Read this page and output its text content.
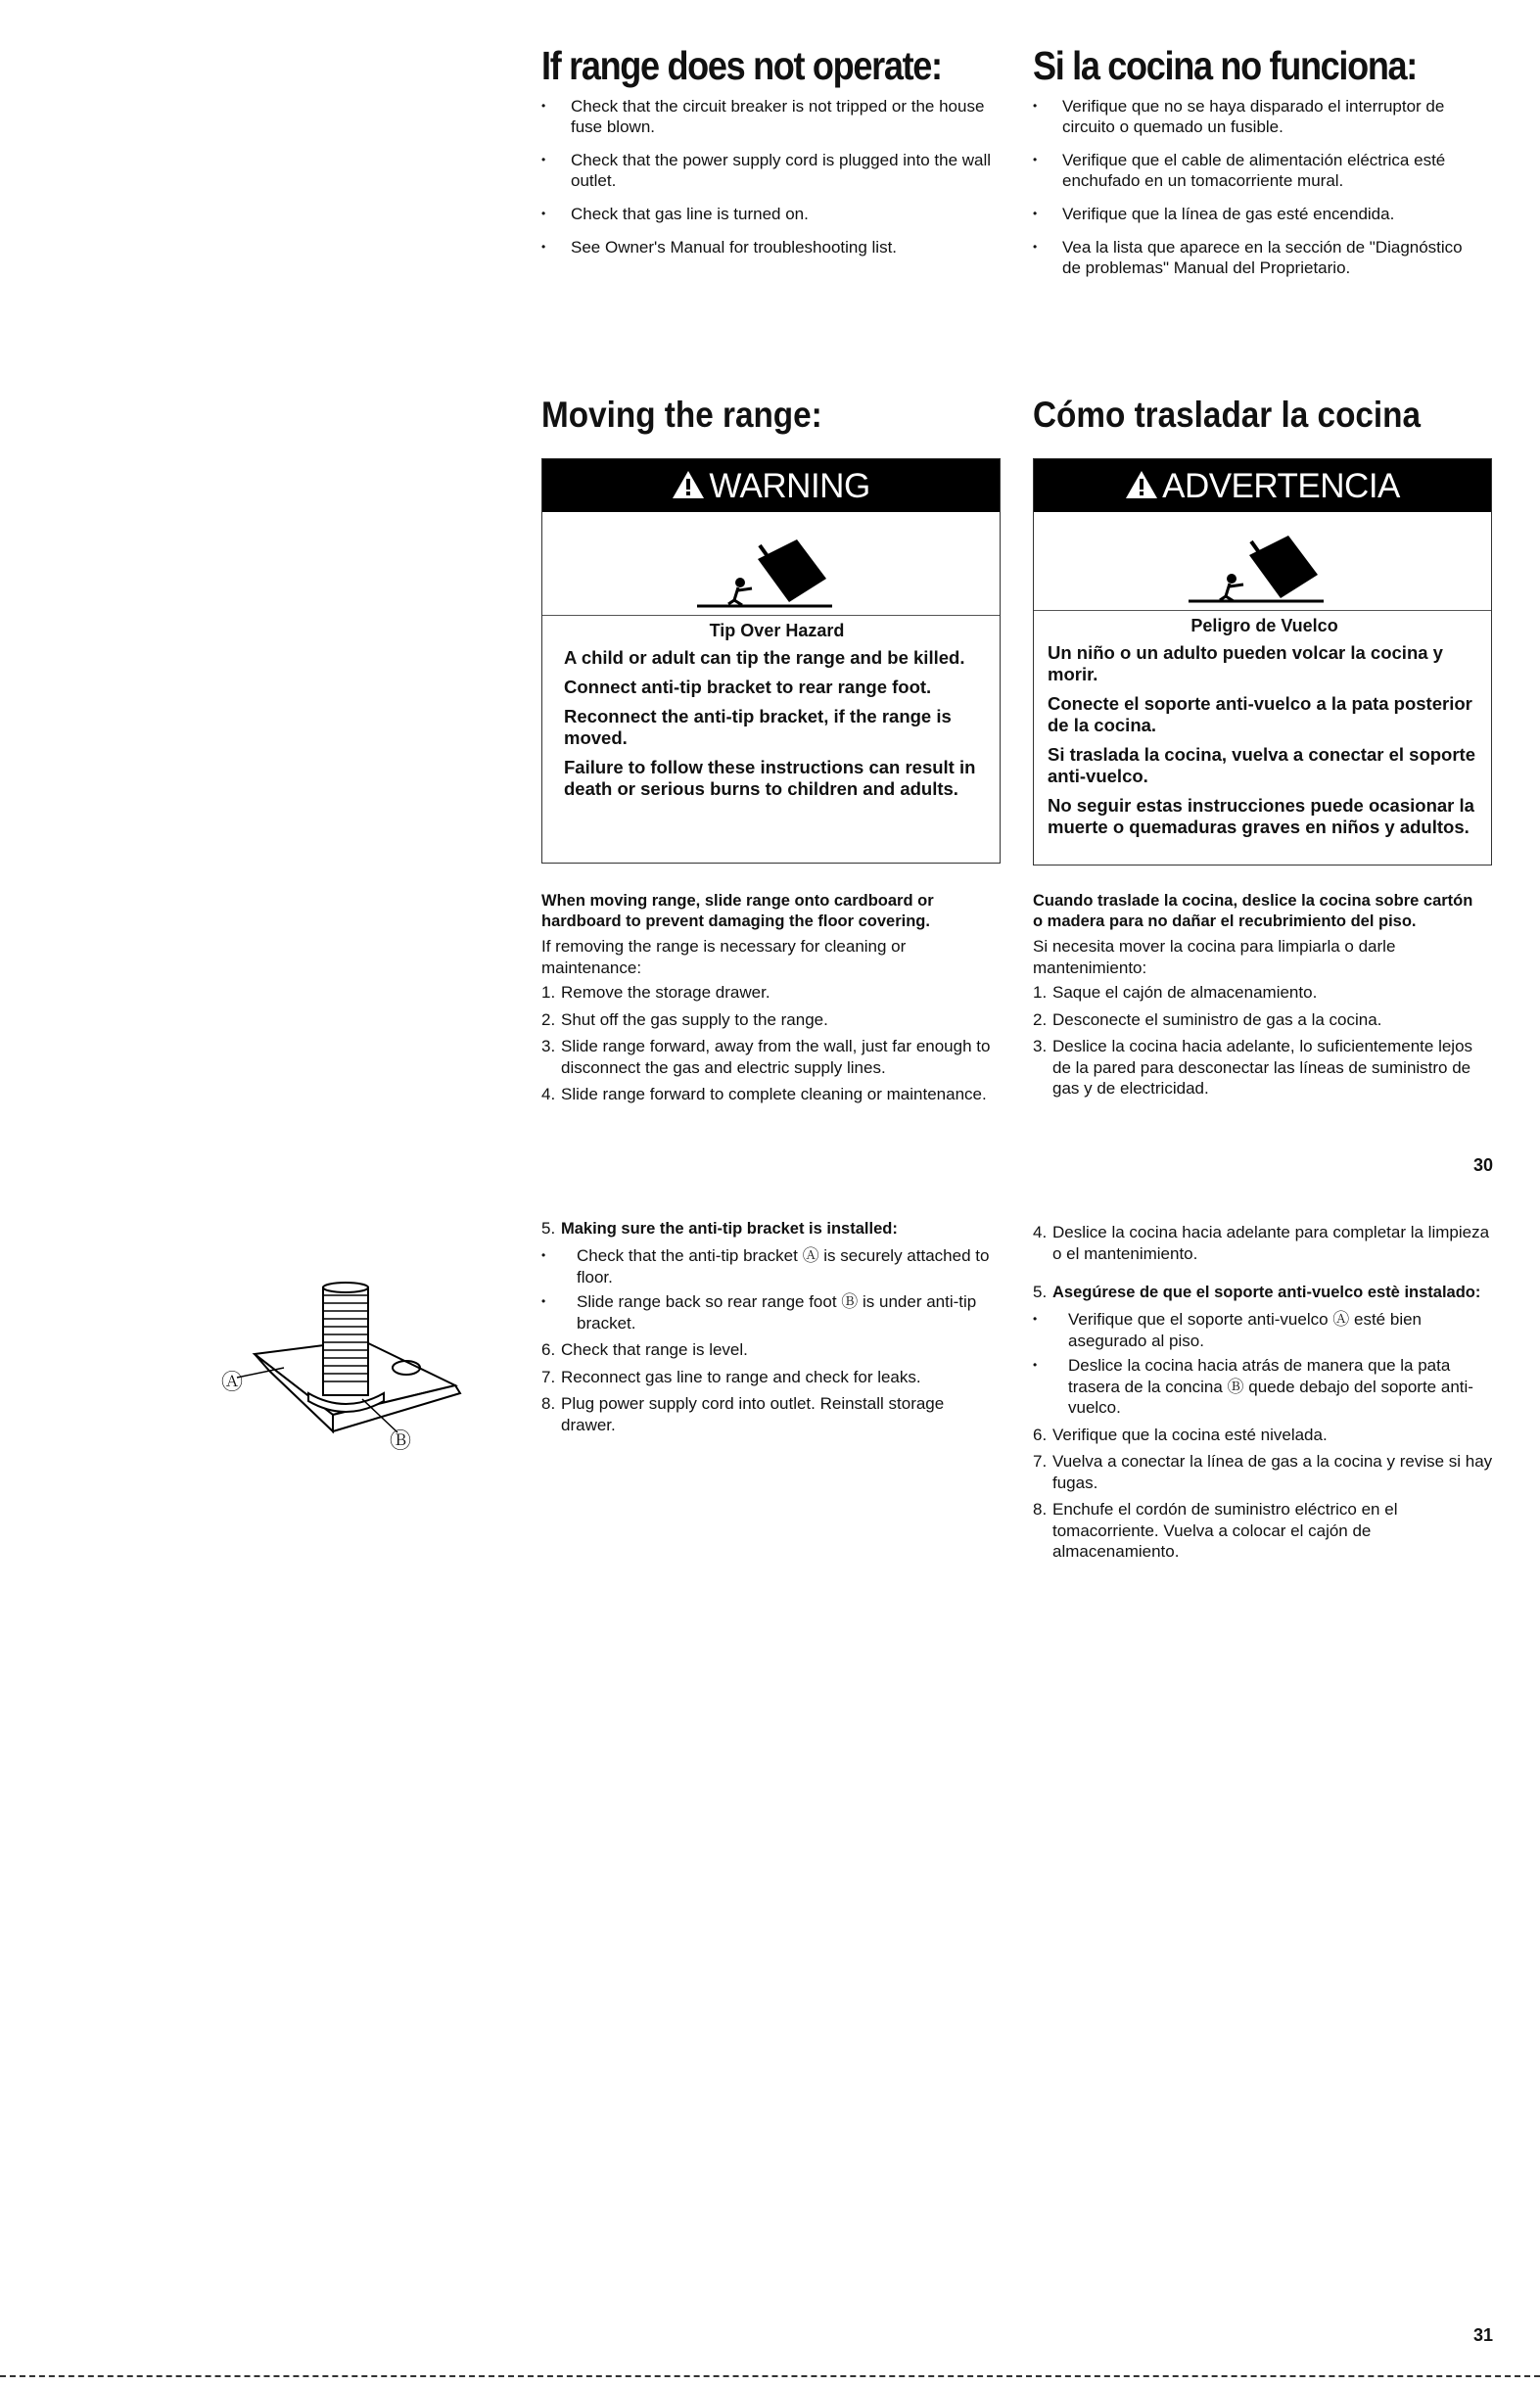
If range does not operate:
• Check that the circuit breaker is not tripped or the house fuse blown.
• Check that the power supply cord is plugged into the wall outlet.
• Check that gas line is turned on.
• See Owner's Manual for troubleshooting list.
Si la cocina no funciona:
• Verifique que no se haya disparado el interruptor de circuito o quemado un fusible.
• Verifique que el cable de alimentación eléctrica esté enchufado en un tomacorriente mural.
• Verifique que la línea de gas esté encendida.
• Vea la lista que aparece en la sección de "Diagnóstico de problemas" Manual del Proprietario.
Moving the range:	Cómo trasladar la cocina
WARNING
Tip Over Hazard

A child or adult can tip the range and be killed.

Connect anti-tip bracket to rear range foot.

Reconnect the anti-tip bracket, if the range is moved.

Failure to follow these instructions can result in death or serious burns to children and adults.

ADVERTENCIA
Peligro de Vuelco

Un niño o un adulto pueden volcar la cocina y morir.

Conecte el soporte anti-vuelco a la pata posterior de la cocina.

Si traslada la cocina, vuelva a conectar el soporte anti-vuelco.

No seguir estas instrucciones puede ocasionar la muerte o quemaduras graves en niños y adultos.

When moving range, slide range onto cardboard or hardboard to prevent damaging the floor covering.

If removing the range is necessary for cleaning or maintenance:

1. Remove the storage drawer.
2. Shut off the gas supply to the range.
3. Slide range forward, away from the wall, just far enough to disconnect the gas and electric supply lines.
4. Slide range forward to complete cleaning or maintenance.

Cuando traslade la cocina, deslice la cocina sobre cartón o madera para no dañar el recubrimiento del piso.

Si necesita mover la cocina para limpiarla o darle mantenimiento:

1. Saque el cajón de almacenamiento.
2. Desconecte el suministro de gas a la cocina.
3. Deslice la cocina hacia adelante, lo suficientemente lejos de la pared para desconectar las líneas de suministro de gas y de electricidad.
30
Ⓐ
Ⓑ
5. Making sure the anti-tip bracket is installed:
• Check that the anti-tip bracket Ⓐ is securely attached to floor.
• Slide range back so rear range foot Ⓑ is under anti-tip bracket.
6. Check that range is level.
7. Reconnect gas line to range and check for leaks.
8. Plug power supply cord into outlet. Reinstall storage drawer.
4. Deslice la cocina hacia adelante para completar la limpieza o el mantenimiento.
5. Asegúrese de que el soporte anti-vuelco estè instalado:
• Verifique que el soporte anti-vuelco Ⓐ esté bien asegurado al piso.
• Deslice la cocina hacia atrás de manera que la pata trasera de la concina Ⓑ quede debajo del soporte anti-vuelco.
6. Verifique que la cocina esté nivelada.
7. Vuelva a conectar la línea de gas a la cocina y revise si hay fugas.
8. Enchufe el cordón de suministro eléctrico en el tomacorriente. Vuelva a colocar el cajón de almacenamiento.
31
